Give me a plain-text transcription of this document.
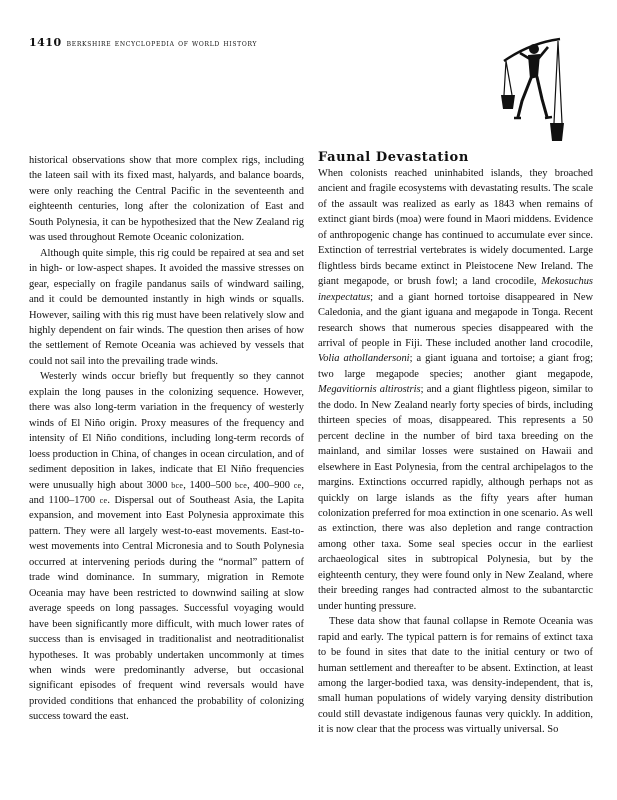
1410 berkshire encyclopedia of world history

historical observations show that more complex rigs, including the lateen sail with its fixed mast, halyards, and balance boards, were only reaching the Central Pacific in the seventeenth and eighteenth centuries, long after the colonization of East and South Polynesia, it can be hypothesized that the New Zealand rig was used throughout Remote Oceanic colonization.

Although quite simple, this rig could be repaired at sea and set in high- or low-aspect shapes. It avoided the massive stresses on gear, especially on fragile pandanus sails of windward sailing, and it could be demounted instantly in high winds or squalls. However, sailing with this rig must have been relatively slow and highly dependent on fair winds. The question then arises of how the settlement of Remote Oceania was achieved by vessels that could not sail into the prevailing trade winds.

Westerly winds occur briefly but frequently so they cannot explain the long pauses in the colonizing sequence. However, there was also long-term variation in the frequency of westerly winds of El Niño origin. Proxy measures of the frequency and intensity of El Niño conditions, including long-term records of loess production in China, of changes in ocean circulation, and of sediment deposition in lakes, indicate that El Niño frequencies were unusually high about 3000 bce, 1400–500 bce, 400–900 ce, and 1100–1700 ce. Dispersal out of Southeast Asia, the Lapita expansion, and movement into East Polynesia approximate this pattern. They were all largely west-to-east movements. East-to-west movements into Central Micronesia and to South Polynesia occurred at intervening periods during the “normal” pattern of trade wind dominance. In summary, migration in Remote Oceania may have been restricted to downwind sailing at slow average speeds on long passages. Successful voyaging would have been significantly more difficult, with much lower rates of success than is envisaged in traditionalist and neotraditionalist hypotheses. It was probably undertaken uncommonly at times when winds were predominantly adverse, but occasional significant episodes of frequent wind reversals would have provided conditions that enhanced the probability of colonizing success toward the east.

Faunal Devastation

When colonists reached uninhabited islands, they broached ancient and fragile ecosystems with devastating results. The scale of the assault was realized as early as 1843 when remains of extinct giant birds (moa) were found in Maori middens. Evidence of anthropogenic change has continued to accumulate ever since. Extinction of terrestrial vertebrates is widely documented. Large flightless birds became extinct in Pleistocene New Ireland. The giant megapode, or brush fowl; a land crocodile, Mekosuchus inexpectatus; and a giant horned tortoise disappeared in New Caledonia, and the giant iguana and megapode in Tonga. Recent research shows that numerous species disappeared with the arrival of people in Fiji. These included another land crocodile, Volia athollandersoni; a giant iguana and tortoise; a giant frog; two large megapode species; another giant megapode, Megavitiornis altirostris; and a giant flightless pigeon, similar to the dodo. In New Zealand nearly forty species of birds, including thirteen species of moas, disappeared. This represents a 50 percent decline in the number of bird taxa breeding on the mainland, and similar losses were sustained on Hawaii and elsewhere in East Polynesia, from the central archipelagos to the margins. Extinctions occurred rapidly, although perhaps not as quickly on large islands as the fifty years after human colonization preferred for moa extinction in one scenario. As well as extinction, there was also depletion and range contraction among other taxa. Some seal species occur in the earliest archaeological sites in subtropical Polynesia, but by the eighteenth century, they were found only in New Zealand, where their breeding ranges had contracted almost to the subantarctic under hunting pressure.

These data show that faunal collapse in Remote Oceania was rapid and early. The typical pattern is for remains of extinct taxa to be found in sites that date to the initial century or two of human settlement and thereafter to be absent. Extinction, at least among the larger-bodied taxa, was density-independent, that is, small human populations of widely varying density distribution could still devastate indigenous faunas very quickly. In addition, it is now clear that the process was virtually universal. So
